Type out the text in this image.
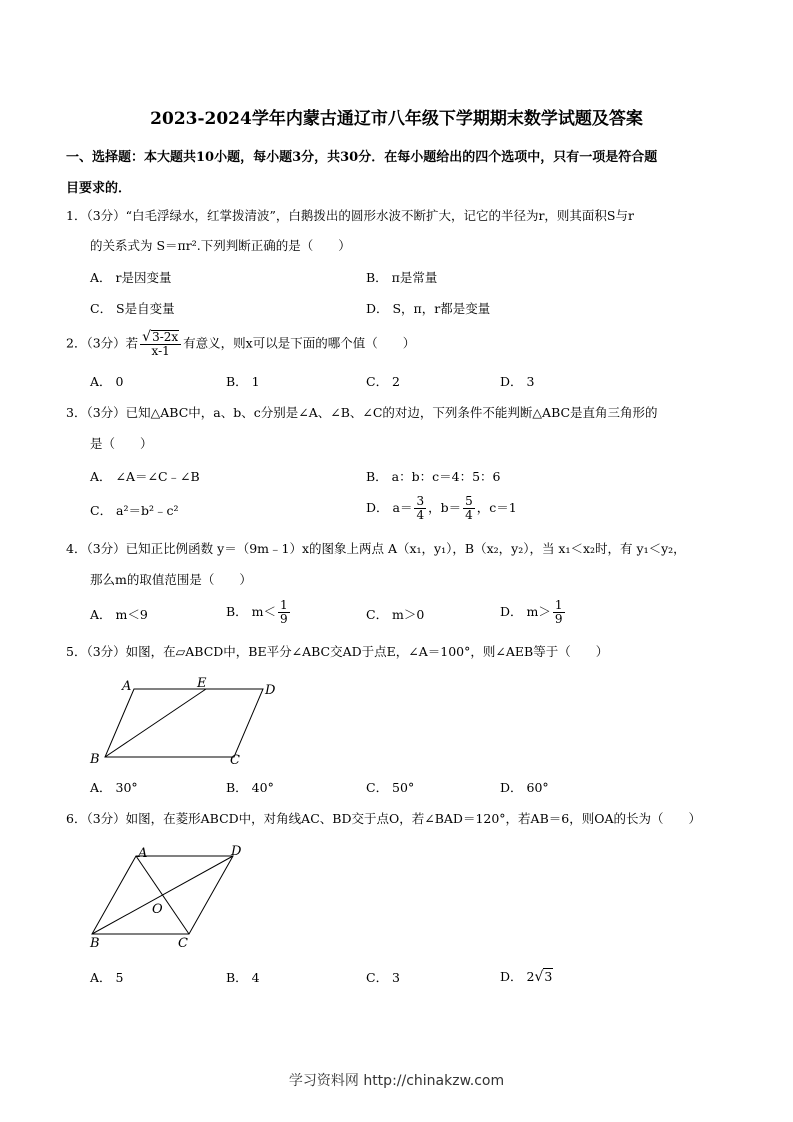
2023-2024学年内蒙古通辽市八年级下学期期末数学试题及答案
一、选择题：本大题共10小题，每小题3分，共30分．在每小题给出的四个选项中，只有一项是符合题
目要求的．
1．（3分）“白毛浮绿水，红掌拨清波”，白鹅拨出的圆形水波不断扩大，记它的半径为r，则其面积S与r
的关系式为 S＝πr².下列判断正确的是（　　）
A． r是因变量	B． π是常量
C． S是自变量	D． S，π，r都是变量
2．（3分）若 $\frac{√3-2x}{x-1}$ 有意义，则x可以是下面的哪个值（　　）
A． 0	B． 1	C． 2	D． 3
3．（3分）已知△ABC中，a、b、c分别是∠A、∠B、∠C的对边，下列条件不能判断△ABC是直角三角形的
是（　　）
A． ∠A＝∠C﹣∠B	B． a：b：c＝4：5：6
C． a²＝b²﹣c²	D． $a= \frac{3}{4}$ ，$b= \frac{5}{4}$ ，c＝1
4．（3分）已知正比例函数 y＝（9m﹣1）x的图象上两点 A（x₁，y₁），B（x₂，y₂），当 x₁＜x₂时，有 y₁＜y₂，
那么m的取值范围是（　　）
A． m＜9	B． $m< \frac{1}{9}$	C． m＞0	D． $m> \frac{1}{9}$
5．（3分）如图，在▱ABCD中，BE平分∠ABC交AD于点E，∠A＝100°，则∠AEB等于（　　）
A	E	D
B	C
A． 30°	B． 40°	C． 50°	D． 60°
6．（3分）如图，在菱形ABCD中，对角线AC、BD交于点O，若∠BAD＝120°，若AB＝6，则OA的长为（　　）
A	D
O
B	C
A． 5	B． 4	C． 3	D． 2√3
学习资料网 http://chinakzw.com
